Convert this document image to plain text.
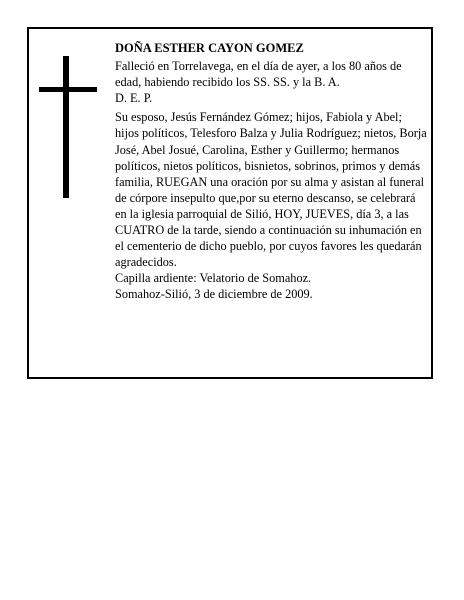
DOÑA ESTHER CAYON GOMEZ

Falleció en Torrelavega, en el día de ayer, a los 80 años de edad, habiendo recibido los SS. SS. y la B. A.

D. E. P.

Su esposo, Jesús Fernández Gómez; hijos, Fabiola y Abel; hijos políticos, Telesforo Balza y Julia Rodríguez; nietos, Borja José, Abel Josué, Carolina, Esther y Guillermo; hermanos políticos, nietos políticos, bisnietos, sobrinos, primos y demás familia, RUEGAN una oración por su alma y asistan al funeral de córpore insepulto que,por su eterno descanso, se celebrará en la iglesia parroquial de Silió, HOY, JUEVES, día 3, a las CUATRO de la tarde, siendo a continuación su inhumación en el cementerio de dicho pueblo, por cuyos favores les quedarán agradecidos.

Capilla ardiente: Velatorio de Somahoz.

Somahoz-Silió, 3 de diciembre de 2009.
